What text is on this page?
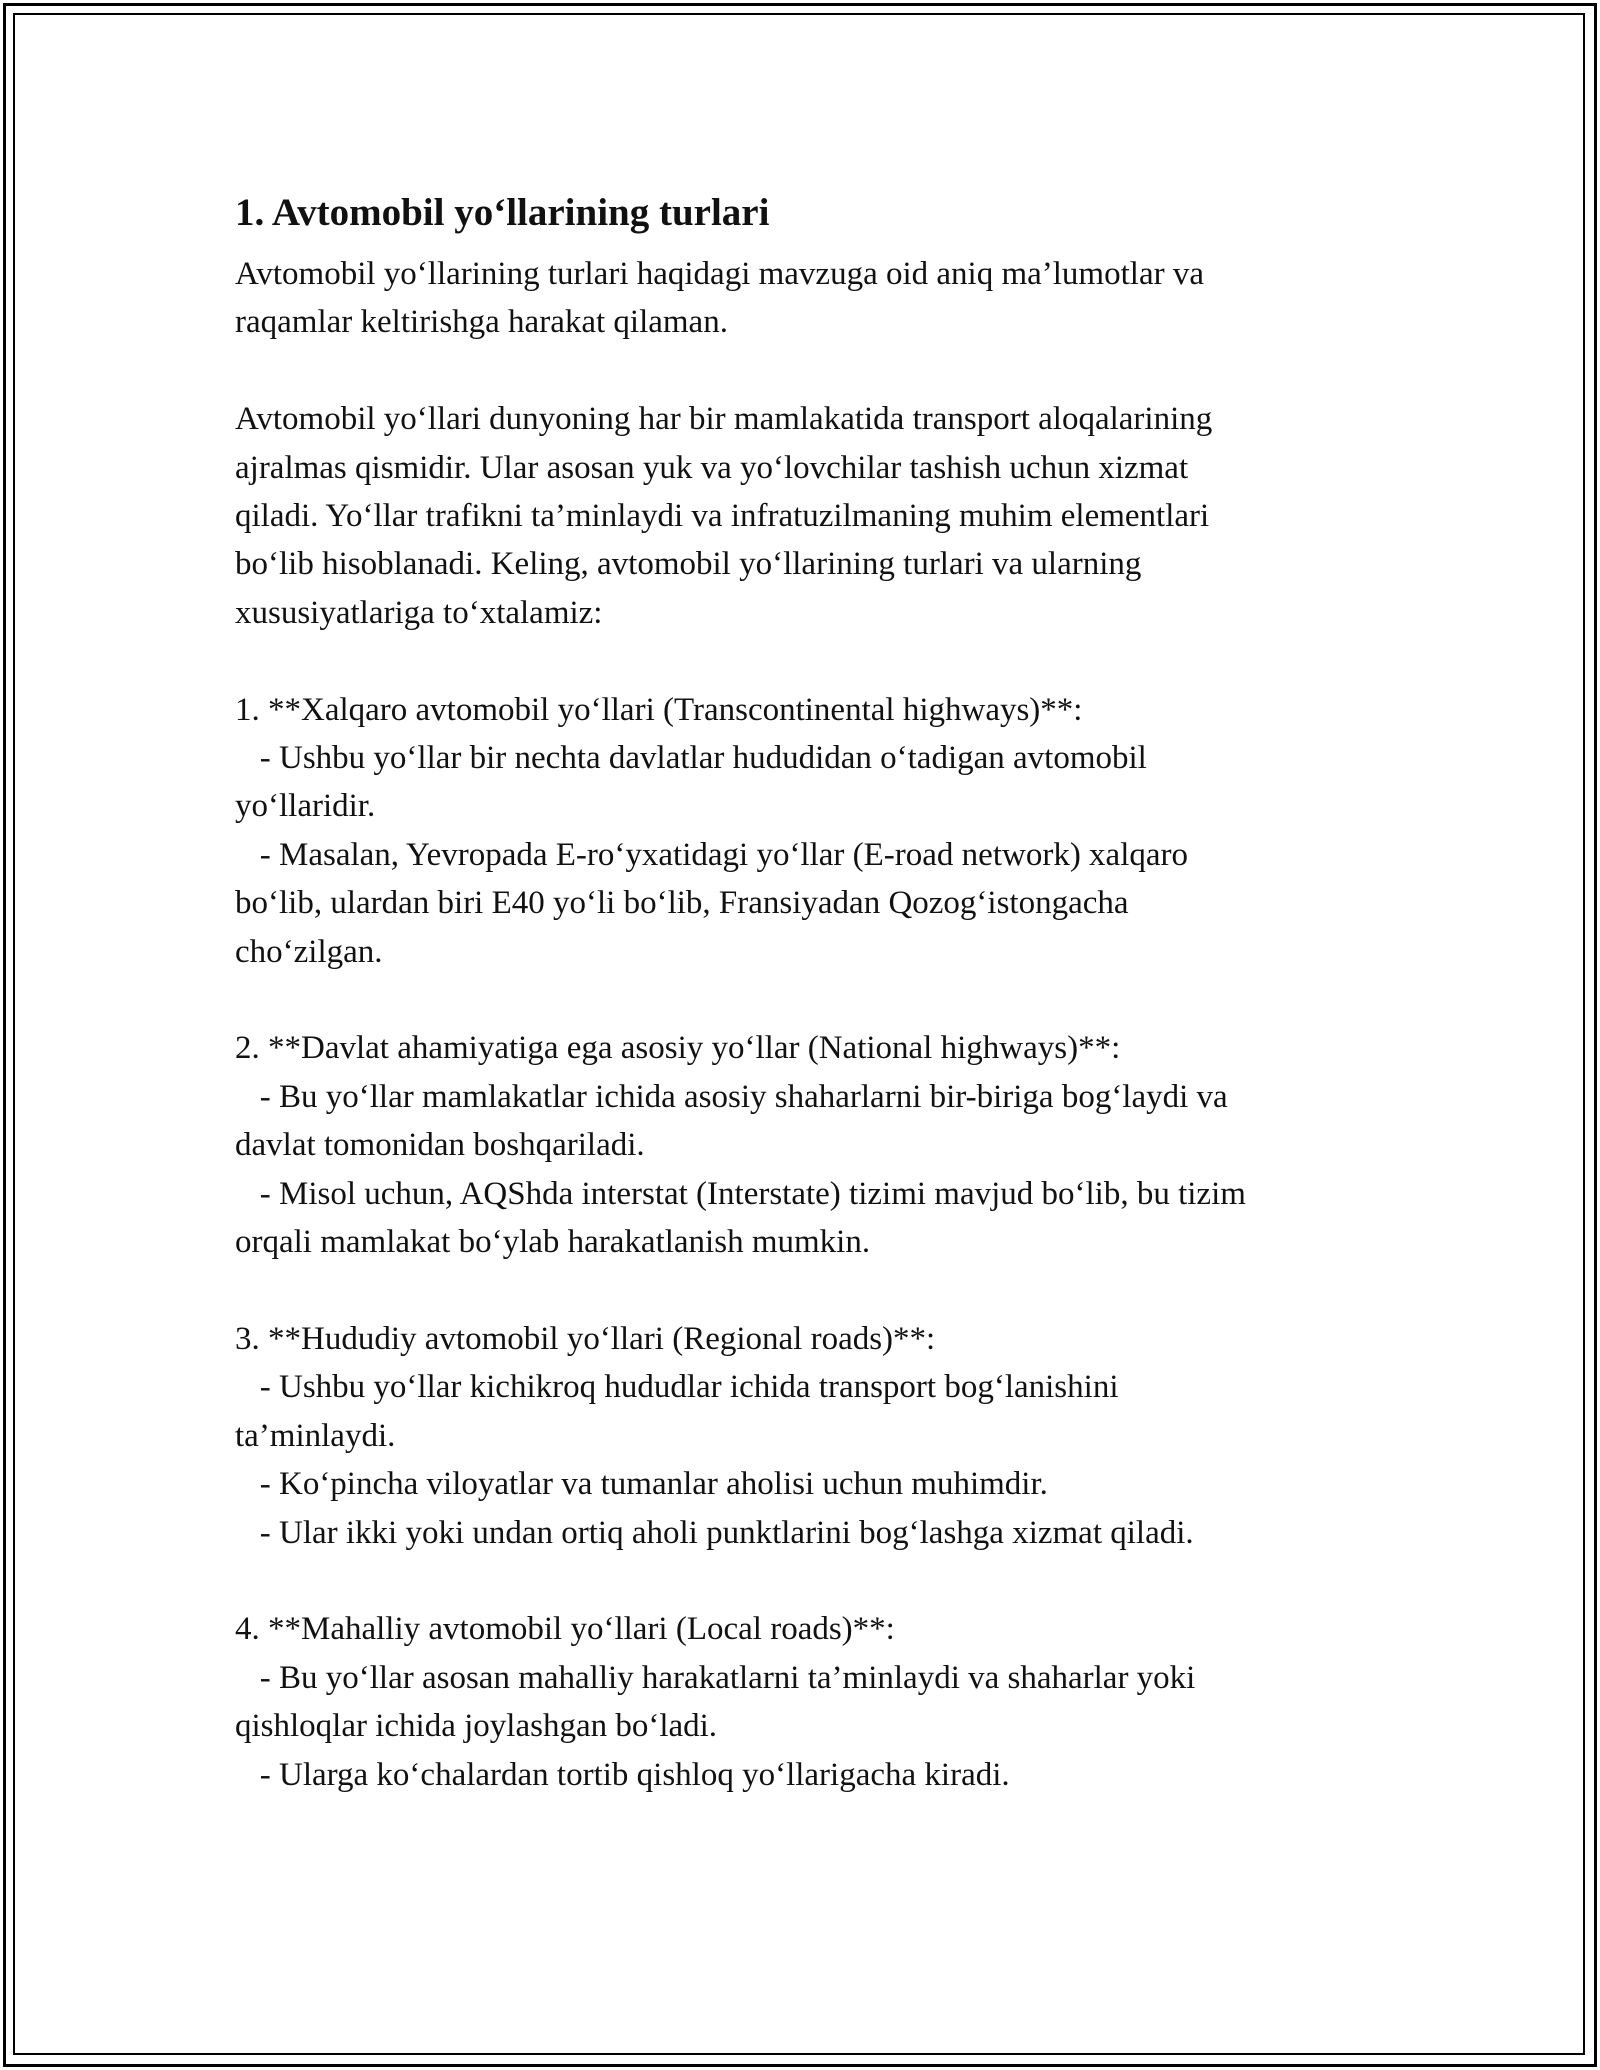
1. Avtomobil yo‘llarining turlari

Avtomobil yo‘llarining turlari haqidagi mavzuga oid aniq ma’lumotlar va
raqamlar keltirishga harakat qilaman.

Avtomobil yo‘llari dunyoning har bir mamlakatida transport aloqalarining
ajralmas qismidir. Ular asosan yuk va yo‘lovchilar tashish uchun xizmat
qiladi. Yo‘llar trafikni ta’minlaydi va infratuzilmaning muhim elementlari
bo‘lib hisoblanadi. Keling, avtomobil yo‘llarining turlari va ularning
xususiyatlariga to‘xtalamiz:

1. **Xalqaro avtomobil yo‘llari (Transcontinental highways)**:

- Ushbu yo‘llar bir nechta davlatlar hududidan o‘tadigan avtomobil
yo‘llaridir.

- Masalan, Yevropada E-ro‘yxatidagi yo‘llar (E-road network) xalqaro
bo‘lib, ulardan biri E40 yo‘li bo‘lib, Fransiyadan Qozog‘istongacha
cho‘zilgan.

2. **Davlat ahamiyatiga ega asosiy yo‘llar (National highways)**:

- Bu yo‘llar mamlakatlar ichida asosiy shaharlarni bir-biriga bog‘laydi va
davlat tomonidan boshqariladi.

- Misol uchun, AQShda interstat (Interstate) tizimi mavjud bo‘lib, bu tizim
orqali mamlakat bo‘ylab harakatlanish mumkin.

3. **Hududiy avtomobil yo‘llari (Regional roads)**:

- Ushbu yo‘llar kichikroq hududlar ichida transport bog‘lanishini
ta’minlaydi.

- Ko‘pincha viloyatlar va tumanlar aholisi uchun muhimdir.

- Ular ikki yoki undan ortiq aholi punktlarini bog‘lashga xizmat qiladi.

4. **Mahalliy avtomobil yo‘llari (Local roads)**:

- Bu yo‘llar asosan mahalliy harakatlarni ta’minlaydi va shaharlar yoki
qishloqlar ichida joylashgan bo‘ladi.

- Ularga ko‘chalardan tortib qishloq yo‘llarigacha kiradi.
